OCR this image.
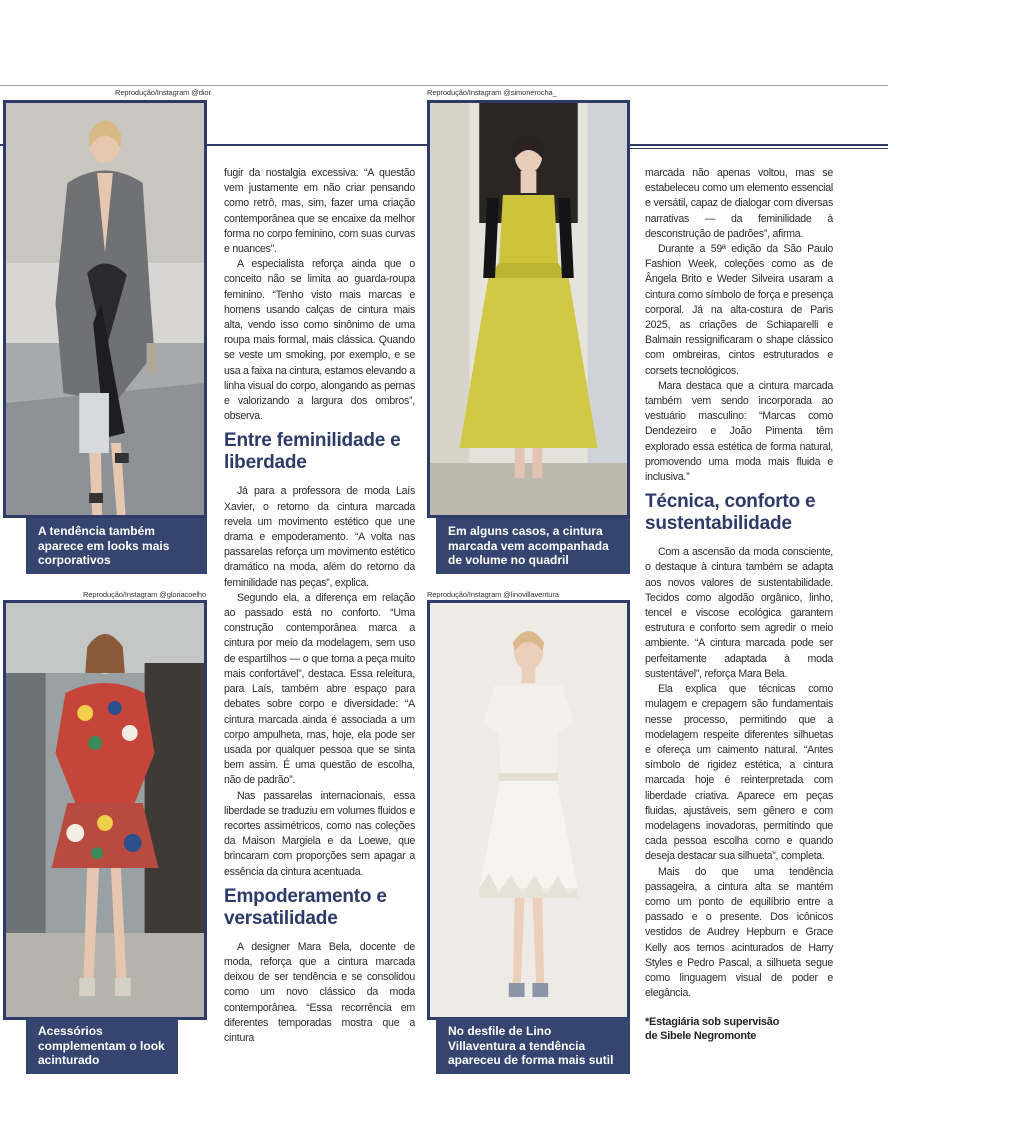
Reprodução/Instagram @dior	Reprodução/Instagram @simonerocha_
Reprodução/Instagram @gloriacoelho	Reprodução/Instagram @linovillaventura
A tendência também aparece em looks mais corporativos
Em alguns casos, a cintura marcada vem acompanhada de volume no quadril
Acessórios complementam o look acinturado
No desfile de Lino Villaventura a tendência apareceu de forma mais sutil

fugir da nostalgia excessiva: “A questão vem justamente em não criar pensando como retrô, mas, sim, fazer uma criação contemporânea que se encaixe da melhor forma no corpo feminino, com suas curvas e nuances”.

A especialista reforça ainda que o conceito não se limita ao guarda-roupa feminino. “Tenho visto mais marcas e homens usando calças de cintura mais alta, vendo isso como sinônimo de uma roupa mais formal, mais clássica. Quando se veste um smoking, por exemplo, e se usa a faixa na cintura, estamos elevando a linha visual do corpo, alongando as pernas e valorizando a largura dos ombros”, observa.

Entre feminilidade e liberdade

Já para a professora de moda Laís Xavier, o retorno da cintura marcada revela um movimento estético que une drama e empoderamento. “A volta nas passarelas reforça um movimento estético dramático na moda, além do retorno da feminilidade nas peças”, explica.

Segundo ela, a diferença em relação ao passado está no conforto. “Uma construção contemporânea marca a cintura por meio da modelagem, sem uso de espartilhos — o que torna a peça muito mais confortável”, destaca. Essa releitura, para Laís, também abre espaço para debates sobre corpo e diversidade: “A cintura marcada ainda é associada a um corpo ampulheta, mas, hoje, ela pode ser usada por qualquer pessoa que se sinta bem assim. É uma questão de escolha, não de padrão”.

Nas passarelas internacionais, essa liberdade se traduziu em volumes fluidos e recortes assimétricos, como nas coleções da Maison Margiela e da Loewe, que brincaram com proporções sem apagar a essência da cintura acentuada.

Empoderamento e versatilidade

A designer Mara Bela, docente de moda, reforça que a cintura marcada deixou de ser tendência e se consolidou como um novo clássico da moda contemporânea. “Essa recorrência em diferentes temporadas mostra que a cintura

marcada não apenas voltou, mas se estabeleceu como um elemento essencial e versátil, capaz de dialogar com diversas narrativas — da feminilidade à desconstrução de padrões”, afirma.

Durante a 59ª edição da São Paulo Fashion Week, coleções como as de Ângela Brito e Weder Silveira usaram a cintura como símbolo de força e presença corporal. Já na alta-costura de Paris 2025, as criações de Schiaparelli e Balmain ressignificaram o shape clássico com ombreiras, cintos estruturados e corsets tecnológicos.

Mara destaca que a cintura marcada também vem sendo incorporada ao vestuário masculino: “Marcas como Dendezeiro e João Pimenta têm explorado essa estética de forma natural, promovendo uma moda mais fluida e inclusiva.”

Técnica, conforto e sustentabilidade

Com a ascensão da moda consciente, o destaque à cintura também se adapta aos novos valores de sustentabilidade. Tecidos como algodão orgânico, linho, tencel e viscose ecológica garantem estrutura e conforto sem agredir o meio ambiente. “A cintura marcada pode ser perfeitamente adaptada à moda sustentável”, reforça Mara Bela.

Ela explica que técnicas como mulagem e crepagem são fundamentais nesse processo, permitindo que a modelagem respeite diferentes silhuetas e ofereça um caimento natural. “Antes símbolo de rigidez estética, a cintura marcada hoje é reinterpretada com liberdade criativa. Aparece em peças fluidas, ajustáveis, sem gênero e com modelagens inovadoras, permitindo que cada pessoa escolha como e quando deseja destacar sua silhueta”, completa.

Mais do que uma tendência passageira, a cintura alta se mantém como um ponto de equilíbrio entre a passado e o presente. Dos icônicos vestidos de Audrey Hepburn e Grace Kelly aos ternos acinturados de Harry Styles e Pedro Pascal, a silhueta segue como linguagem visual de poder e elegância.

*Estagiária sob supervisão
de Sibele Negromonte
